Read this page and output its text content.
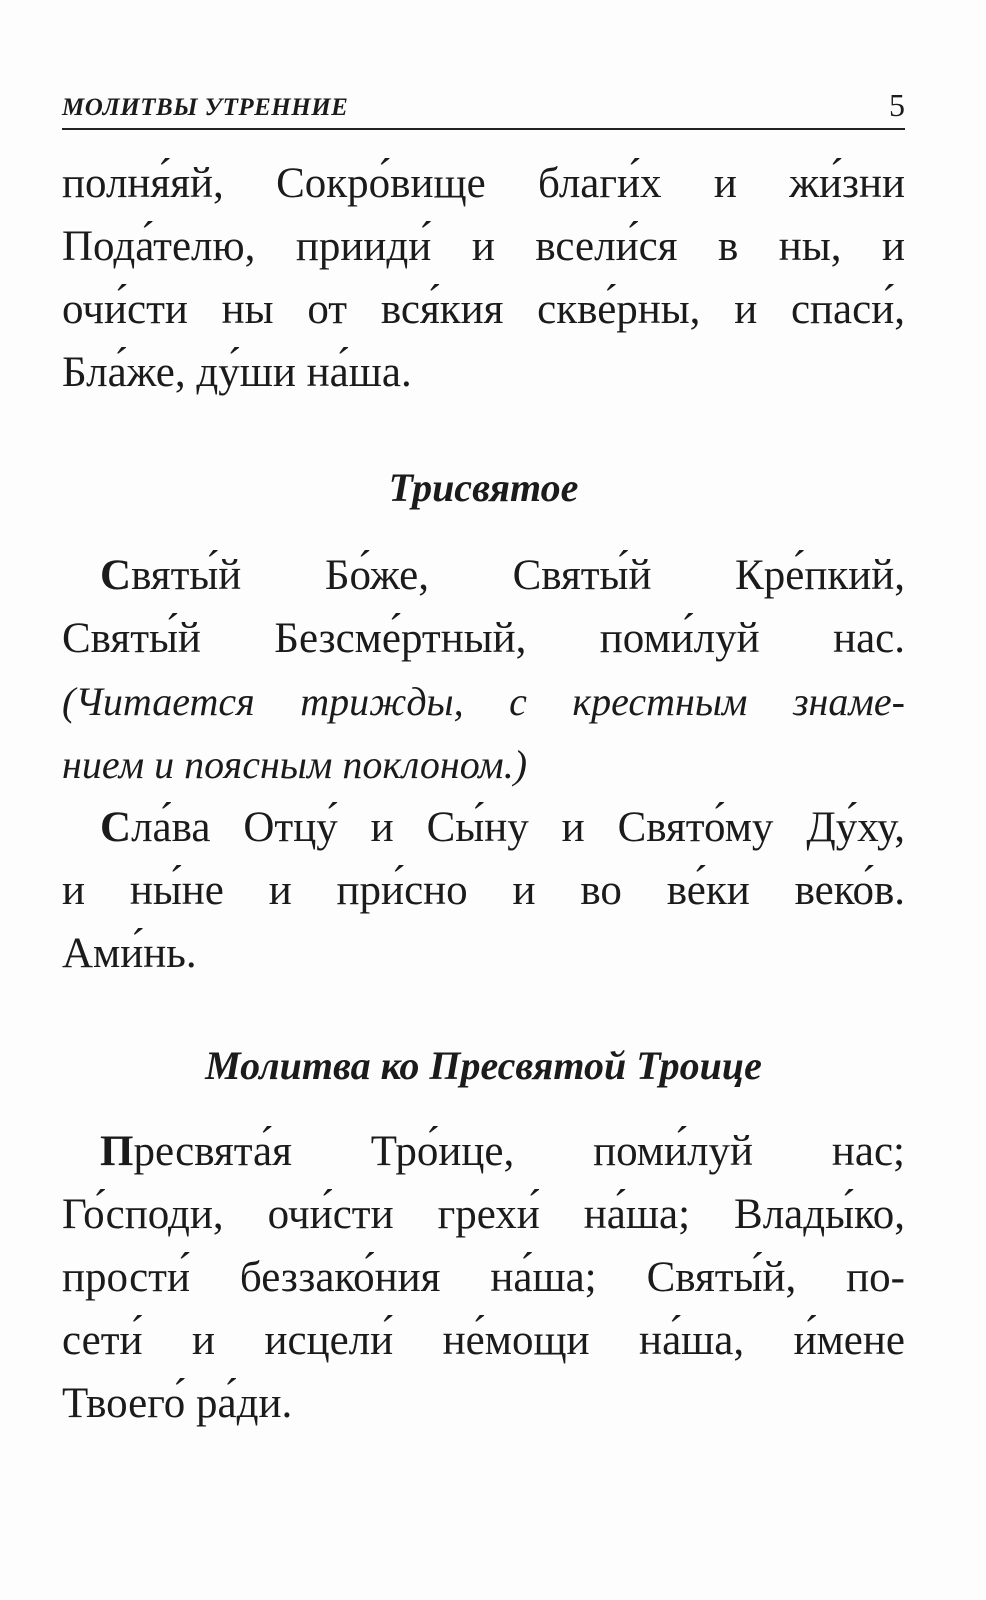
МОЛИТВЫ УТРЕННИЕ	5
полня́яй, Сокро́вище благи́х и жи́зни
Пода́телю, прииди́ и всели́ся в ны, и
очи́сти ны от вся́кия скве́рны, и спаси́,
Бла́же, ду́ши на́ша.
Трисвятое
Святы́й Бо́же, Святы́й Кре́пкий,
Святы́й Безсме́ртный, поми́луй нас.
(Читается трижды, с крестным знаме-
нием и поясным поклоном.)
Сла́ва Отцу́ и Сы́ну и Свято́му Ду́ху,
и ны́не и при́сно и во ве́ки веко́в.
Ами́нь.
Молитва ко Пресвятой Троице
Пресвята́я Тро́ице, поми́луй нас;
Го́споди, очи́сти грехи́ на́ша; Влады́ко,
прости́ беззако́ния на́ша; Святы́й, по-
сети́ и исцели́ не́мощи на́ша, и́мене
Твоего́ ра́ди.
